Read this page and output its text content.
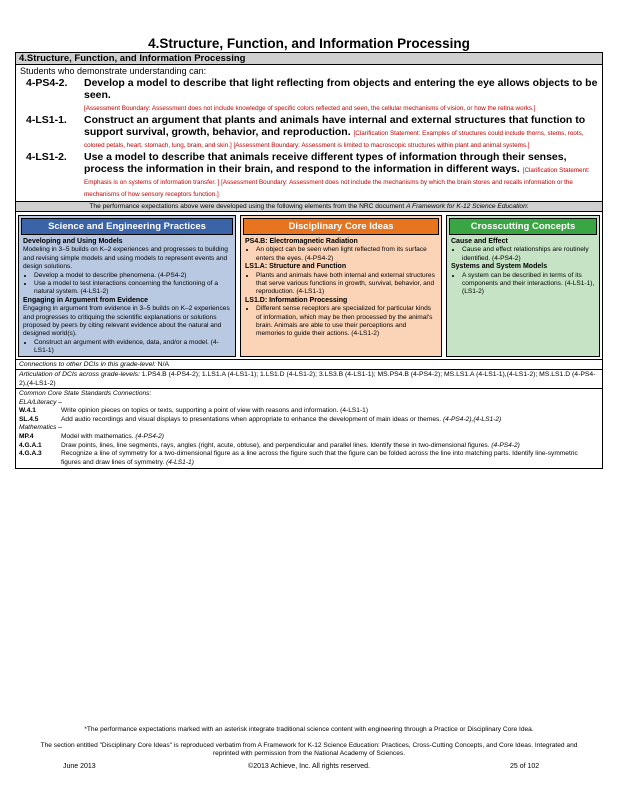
4.Structure, Function, and Information Processing
4.Structure, Function, and Information Processing
Students who demonstrate understanding can:
4-PS4-2.	Develop a model to describe that light reflecting from objects and entering the eye allows objects to be seen.
[Assessment Boundary: Assessment does not include knowledge of specific colors reflected and seen, the cellular mechanisms of vision, or how the retina works.]
4-LS1-1.	Construct an argument that plants and animals have internal and external structures that function to support survival, growth, behavior, and reproduction. [Clarification Statement: Examples of structures could include thorns, stems, roots, colored petals, heart, stomach, lung, brain, and skin.] [Assessment Boundary: Assessment is limited to macroscopic structures within plant and animal systems.]
4-LS1-2.	Use a model to describe that animals receive different types of information through their senses, process the information in their brain, and respond to the information in different ways. [Clarification Statement: Emphasis is on systems of information transfer. ] [Assessment Boundary: Assessment does not include the mechanisms by which the brain stores and recalls information or the mechanisms of how sensory receptors function.]
The performance expectations above were developed using the following elements from the NRC document A Framework for K-12 Science Education:
Science and Engineering Practices
Developing and Using Models
Modeling in 3–5 builds on K–2 experiences and progresses to building and revising simple models and using models to represent events and design solutions.
• Develop a model to describe phenomena. (4-PS4-2)
• Use a model to test interactions concerning the functioning of a natural system. (4-LS1-2)
Engaging in Argument from Evidence
Engaging in argument from evidence in 3–5 builds on K–2 experiences and progresses to critiquing the scientific explanations or solutions proposed by peers by citing relevant evidence about the natural and designed world(s).
• Construct an argument with evidence, data, and/or a model. (4-LS1-1)
Disciplinary Core Ideas
PS4.B: Electromagnetic Radiation
• An object can be seen when light reflected from its surface enters the eyes. (4-PS4-2)
LS1.A: Structure and Function
• Plants and animals have both internal and external structures that serve various functions in growth, survival, behavior, and reproduction. (4-LS1-1)
LS1.D: Information Processing
• Different sense receptors are specialized for particular kinds of information, which may be then processed by the animal's brain. Animals are able to use their perceptions and memories to guide their actions. (4-LS1-2)
Crosscutting Concepts
Cause and Effect
• Cause and effect relationships are routinely identified. (4-PS4-2)
Systems and System Models
• A system can be described in terms of its components and their interactions. (4-LS1-1), (LS1-2)
Connections to other DCIs in this grade-level: N/A
Articulation of DCIs across grade-levels: 1.PS4.B (4-PS4-2); 1.LS1.A (4-LS1-1); 1.LS1.D (4-LS1-2); 3.LS3.B (4-LS1-1); MS.PS4.B (4-PS4-2); MS.LS1.A (4-LS1-1),(4-LS1-2); MS.LS1.D (4-PS4-2),(4-LS1-2)
Common Core State Standards Connections:
ELA/Literacy –
W.4.1	Write opinion pieces on topics or texts, supporting a point of view with reasons and information. (4-LS1-1)
SL.4.5	Add audio recordings and visual displays to presentations when appropriate to enhance the development of main ideas or themes. (4-PS4-2),(4-LS1-2)
Mathematics –
MP.4	Model with mathematics. (4-PS4-2)
4.G.A.1	Draw points, lines, line segments, rays, angles (right, acute, obtuse), and perpendicular and parallel lines. Identify these in two-dimensional figures. (4-PS4-2)
4.G.A.3	Recognize a line of symmetry for a two-dimensional figure as a line across the figure such that the figure can be folded across the line into matching parts. Identify line-symmetric figures and draw lines of symmetry. (4-LS1-1)
*The performance expectations marked with an asterisk integrate traditional science content with engineering through a Practice or Disciplinary Core Idea.
The section entitled "Disciplinary Core Ideas" is reproduced verbatim from A Framework for K-12 Science Education: Practices, Cross-Cutting Concepts, and Core Ideas. Integrated and reprinted with permission from the National Academy of Sciences.
June 2013	©2013 Achieve, Inc. All rights reserved.	25 of 102
